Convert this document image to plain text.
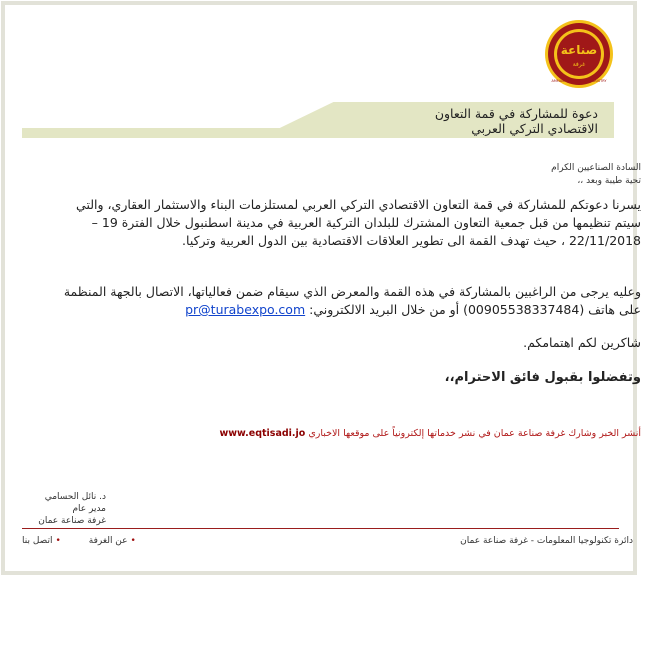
صناعة
غرفة
AMMAN CHAMBER OF INDUSTRY
دعوة للمشاركة في قمة التعاون
الاقتصادي التركي العربي
السادة الصناعيين الكرام
تحية طيبة وبعد ،،
يسرنا دعوتكم للمشاركة في قمة التعاون الاقتصادي التركي العربي لمستلزمات البناء والاستثمار العقاري، والتي سيتم تنظيمها من قبل جمعية التعاون المشترك للبلدان التركية العربية في مدينة اسطنبول خلال الفترة 19 – 22/11/2018 ، حيث تهدف القمة الى تطوير العلاقات الاقتصادية بين الدول العربية وتركيا.
وعليه يرجى من الراغبين بالمشاركة في هذه القمة والمعرض الذي سيقام ضمن فعالياتها، الاتصال بالجهة المنظمة على هاتف (00905538337484) أو من خلال البريد الالكتروني: pr@turabexpo.com
شاكرين لكم اهتمامكم.
وتفضلوا بقبول فائق الاحترام،،
أنشر الخبر وشارك غرفة صناعة عمان في نشر خدماتها إلكترونياً على موقعها الاخباري www.eqtisadi.jo
د. نائل الحسامي
مدير عام
غرفة صناعة عمان
دائرة تكنولوجيا المعلومات - غرفة صناعة عمان
•عن الغرفة
•اتصل بنا
